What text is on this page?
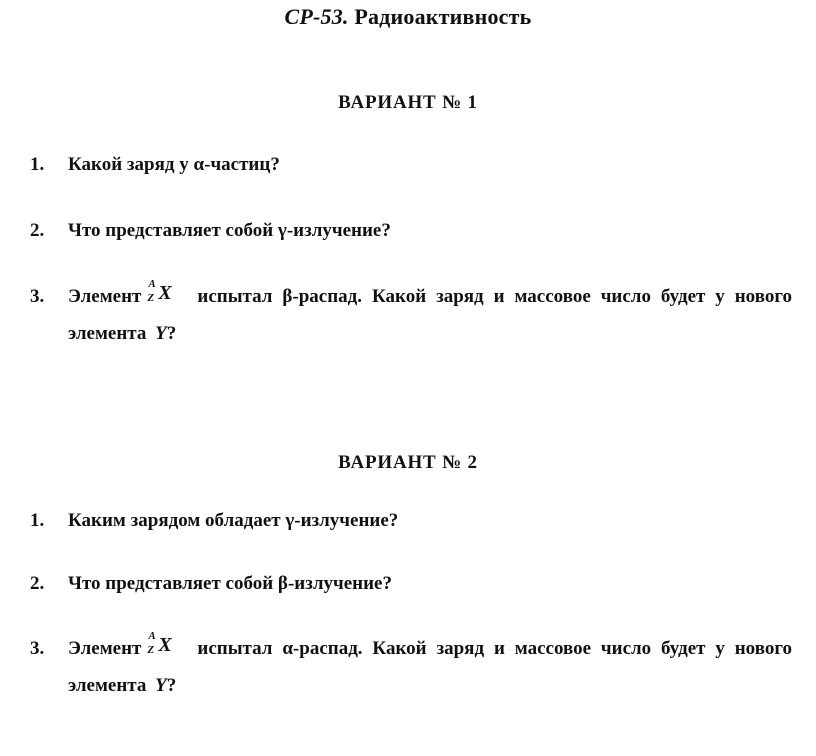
СР-53. Радиоактивность
ВАРИАНТ № 1
1. Какой заряд у α-частиц?
2. Что представляет собой γ-излучение?
3. Элемент
A
Z X испытал β-распад. Какой заряд и массовое число будет у нового элемента Y?
ВАРИАНТ № 2
1. Каким зарядом обладает γ-излучение?
2. Что представляет собой β-излучение?
3. Элемент
A
Z X испытал α-распад. Какой заряд и массовое число будет у нового элемента Y?
